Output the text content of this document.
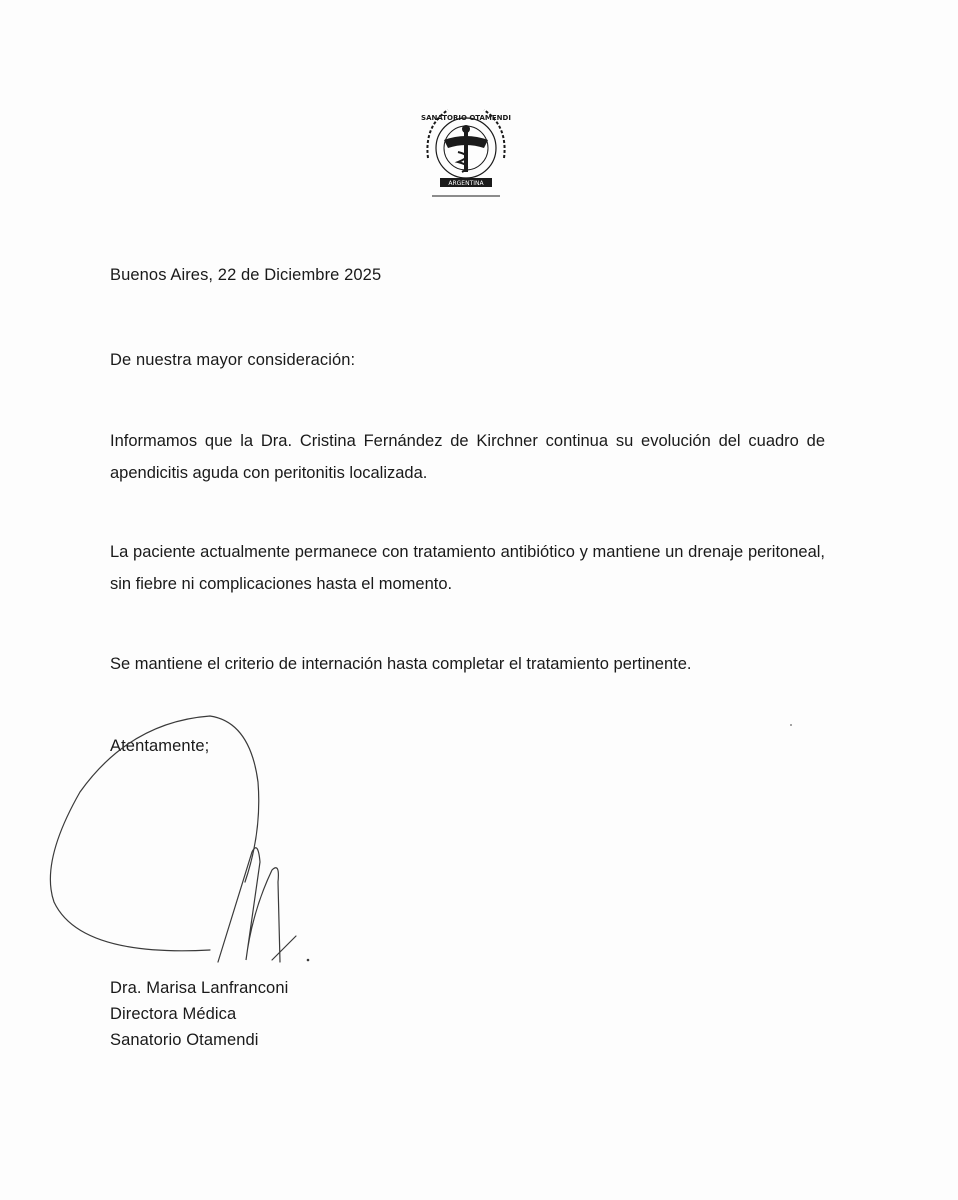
SANATORIO OTAMENDI
ARGENTINA
Buenos Aires, 22 de Diciembre 2025
De nuestra mayor consideración:
Informamos que la Dra. Cristina Fernández de Kirchner continua su evolución del cuadro de apendicitis aguda con peritonitis localizada.
La paciente actualmente permanece con tratamiento antibiótico y mantiene un drenaje peritoneal, sin fiebre ni complicaciones hasta el momento.
Se mantiene el criterio de internación hasta completar el tratamiento pertinente.
Atentamente;
Dra. Marisa Lanfranconi
Directora Médica
Sanatorio Otamendi
